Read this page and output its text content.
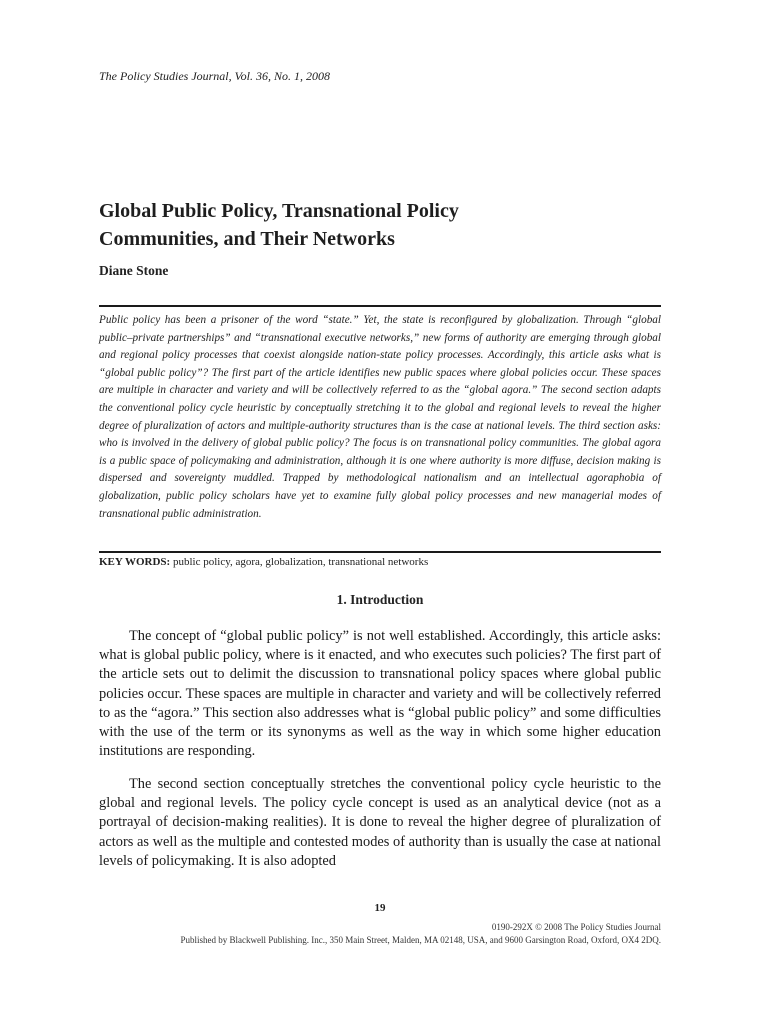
The Policy Studies Journal, Vol. 36, No. 1, 2008
Global Public Policy, Transnational Policy Communities, and Their Networks
Diane Stone

Public policy has been a prisoner of the word “state.” Yet, the state is reconfigured by globalization. Through “global public–private partnerships” and “transnational executive networks,” new forms of authority are emerging through global and regional policy processes that coexist alongside nation-state policy processes. Accordingly, this article asks what is “global public policy”? The first part of the article identifies new public spaces where global policies occur. These spaces are multiple in character and variety and will be collectively referred to as the “global agora.” The second section adapts the conventional policy cycle heuristic by conceptually stretching it to the global and regional levels to reveal the higher degree of pluralization of actors and multiple-authority structures than is the case at national levels. The third section asks: who is involved in the delivery of global public policy? The focus is on transnational policy communities. The global agora is a public space of policymaking and administration, although it is one where authority is more diffuse, decision making is dispersed and sovereignty muddled. Trapped by methodological nationalism and an intellectual agoraphobia of globalization, public policy scholars have yet to examine fully global policy processes and new managerial modes of transnational public administration.

KEY WORDS: public policy, agora, globalization, transnational networks
1. Introduction

The concept of “global public policy” is not well established. Accordingly, this article asks: what is global public policy, where is it enacted, and who executes such policies? The first part of the article sets out to delimit the discussion to transnational policy spaces where global public policies occur. These spaces are multiple in character and variety and will be collectively referred to as the “agora.” This section also addresses what is “global public policy” and some difficulties with the use of the term or its synonyms as well as the way in which some higher education institutions are responding.

The second section conceptually stretches the conventional policy cycle heuristic to the global and regional levels. The policy cycle concept is used as an analytical device (not as a portrayal of decision-making realities). It is done to reveal the higher degree of pluralization of actors as well as the multiple and contested modes of authority than is usually the case at national levels of policymaking. It is also adopted

19
0190-292X © 2008 The Policy Studies Journal
Published by Blackwell Publishing. Inc., 350 Main Street, Malden, MA 02148, USA, and 9600 Garsington Road, Oxford, OX4 2DQ.
